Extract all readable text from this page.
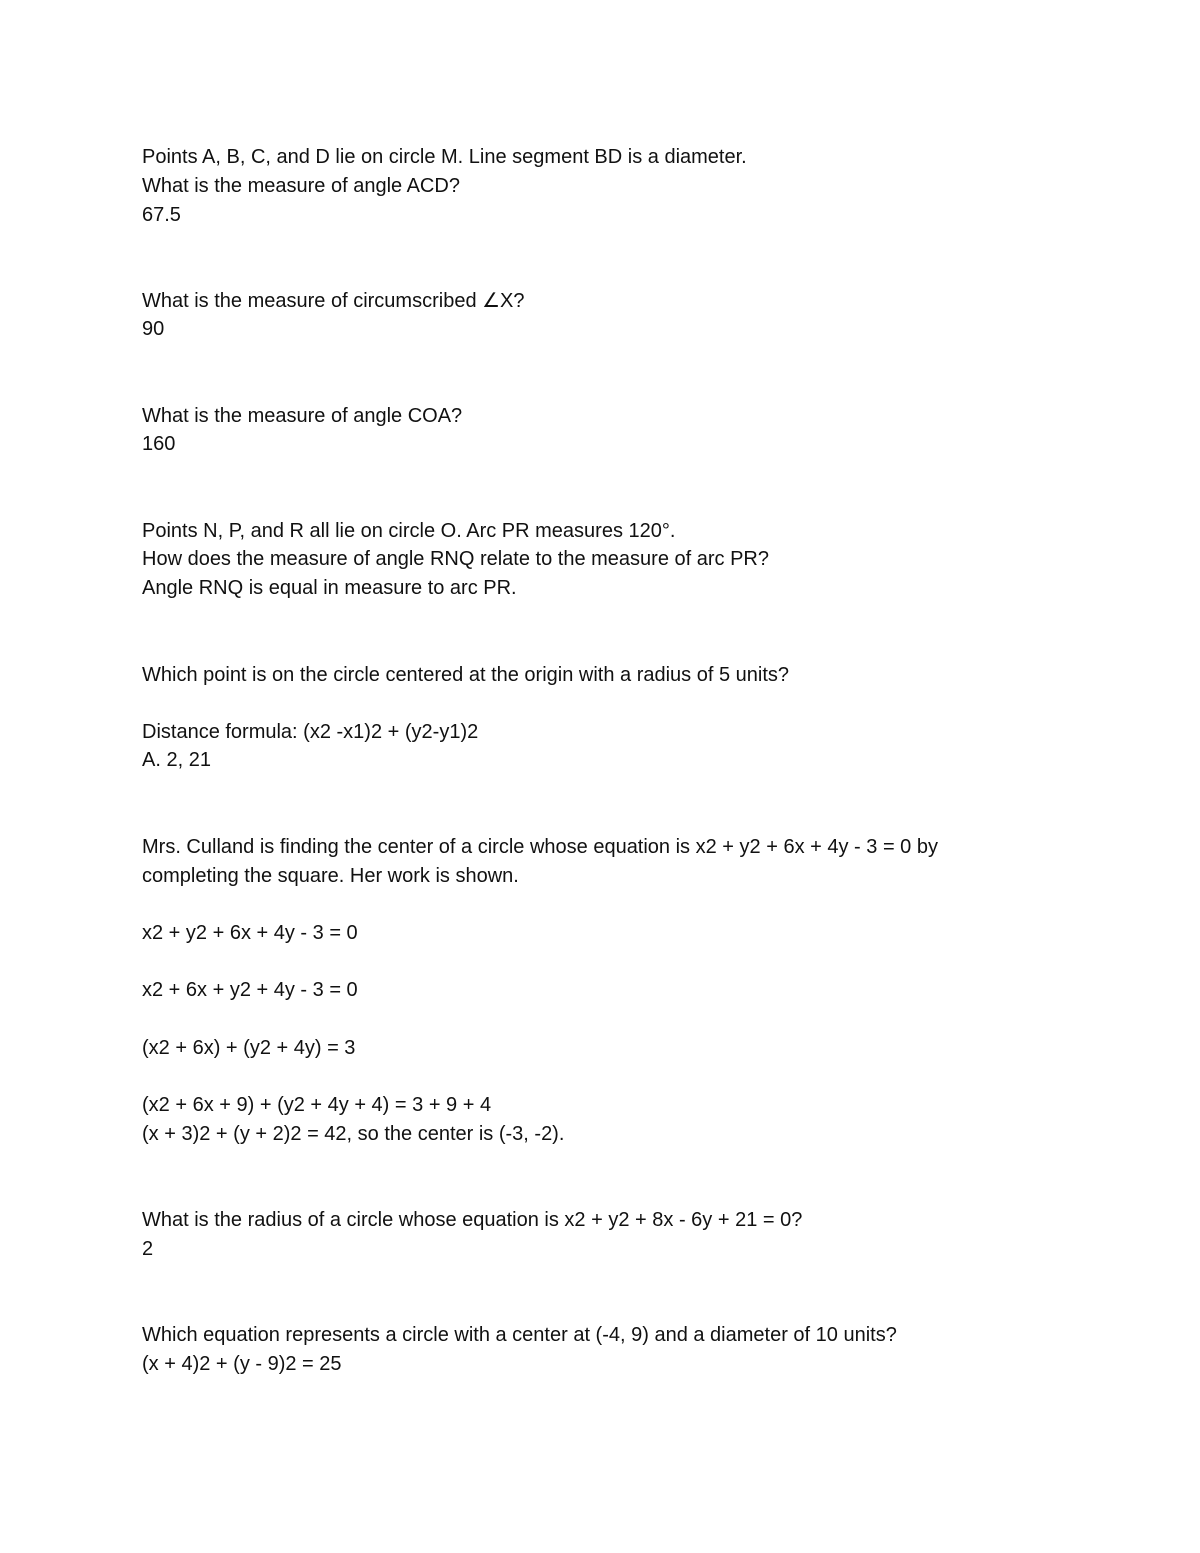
Points A, B, C, and D lie on circle M. Line segment BD is a diameter.

What is the measure of angle ACD?

67.5

What is the measure of circumscribed ∠X?

90

What is the measure of angle COA?

160

Points N, P, and R all lie on circle O. Arc PR measures 120°.

How does the measure of angle RNQ relate to the measure of arc PR?

Angle RNQ is equal in measure to arc PR.

Which point is on the circle centered at the origin with a radius of 5 units?

Distance formula: (x2 -x1)2 + (y2-y1)2

A. 2, 21

Mrs. Culland is finding the center of a circle whose equation is x2 + y2 + 6x + 4y - 3 = 0 by

completing the square. Her work is shown.

x2 + y2 + 6x + 4y - 3 = 0

x2 + 6x + y2 + 4y - 3 = 0

(x2 + 6x) + (y2 + 4y) = 3

(x2 + 6x + 9) + (y2 + 4y + 4) = 3 + 9 + 4

(x + 3)2 + (y + 2)2 = 42, so the center is (-3, -2).

What is the radius of a circle whose equation is x2 + y2 + 8x - 6y + 21 = 0?

2

Which equation represents a circle with a center at (-4, 9) and a diameter of 10 units?

(x + 4)2 + (y - 9)2 = 25
